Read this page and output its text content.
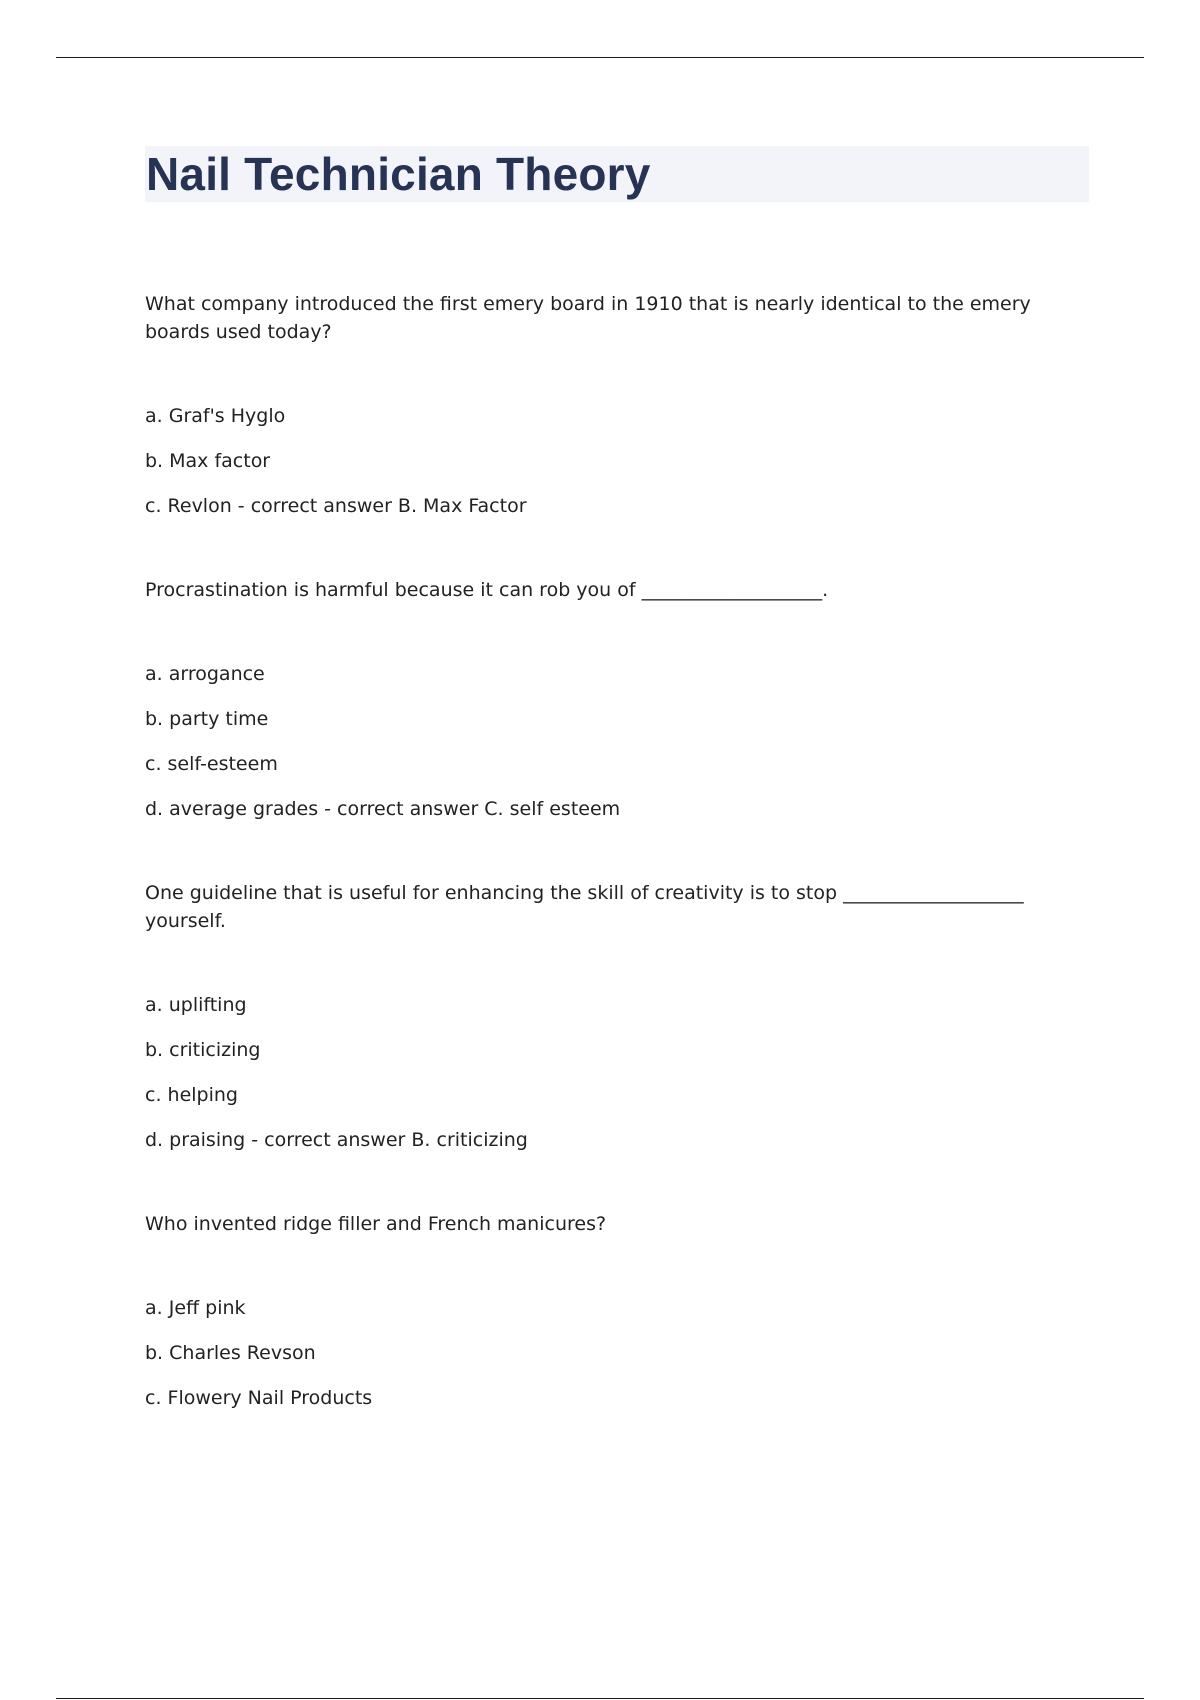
Nail Technician Theory

What company introduced the first emery board in 1910 that is nearly identical to the emery boards used today?

a. Graf's Hyglo
b. Max factor
c. Revlon - correct answer B. Max Factor

Procrastination is harmful because it can rob you of ___________________.

a. arrogance
b. party time
c. self-esteem
d. average grades - correct answer C. self esteem

One guideline that is useful for enhancing the skill of creativity is to stop ___________________ yourself.

a. uplifting
b. criticizing
c. helping
d. praising - correct answer B. criticizing

Who invented ridge filler and French manicures?

a. Jeff pink
b. Charles Revson
c. Flowery Nail Products
